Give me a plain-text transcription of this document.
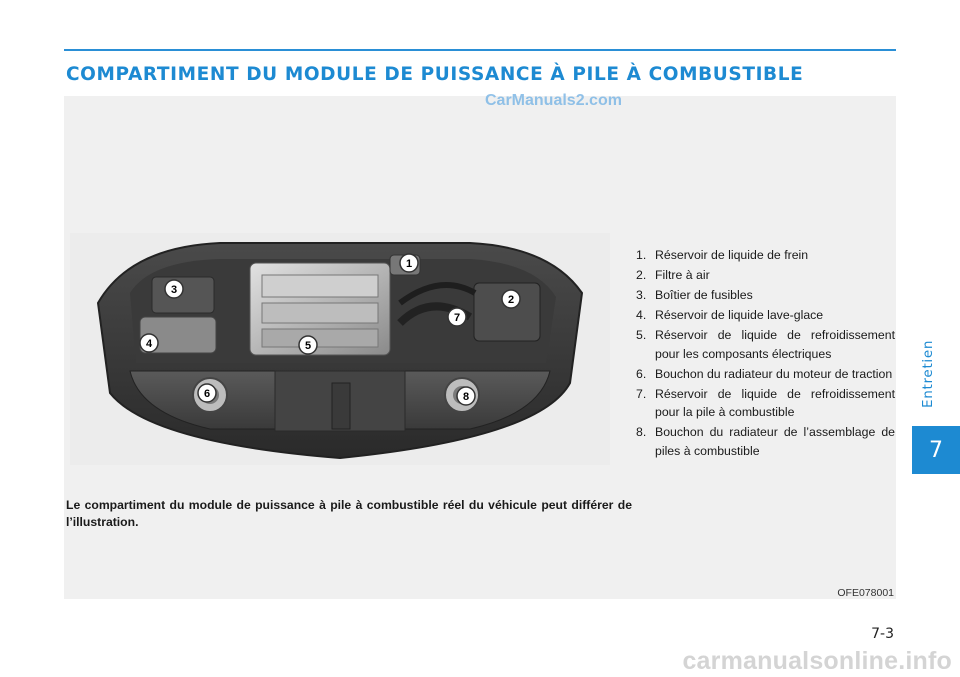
COMPARTIMENT DU MODULE DE PUISSANCE À PILE À COMBUSTIBLE
CarManuals2.com
1
2
3
4	5
6
7
8
1. Réservoir de liquide de frein
2. Filtre à air
3. Boîtier de fusibles
4. Réservoir de liquide lave-glace
5. Réservoir de liquide de refroidissement pour les composants électriques
6. Bouchon du radiateur du moteur de traction
7. Réservoir de liquide de refroidissement pour la pile à combustible
8. Bouchon du radiateur de l’assemblage de piles à combustible

Le compartiment du module de puissance à pile à combustible réel du véhicule peut différer de l’illustration.

OFE078001
Entretien
7
7-3
carmanualsonline.info
